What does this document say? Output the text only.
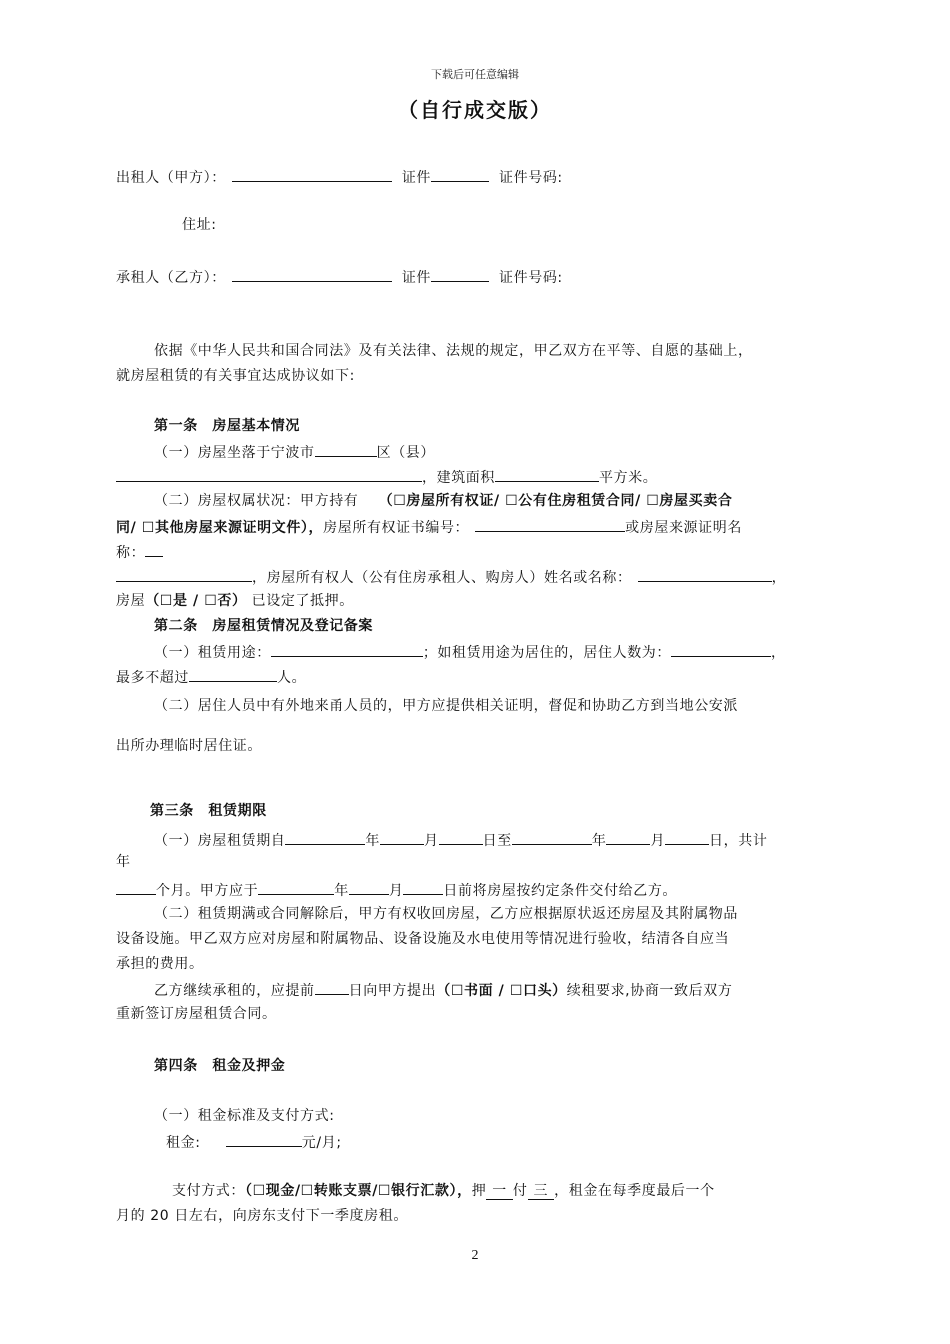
下载后可任意编辑
（自行成交版）
出租人（甲方）：	证件	证件号码:
住址:
承租人（乙方）：	证件	证件号码:
依据《中华人民共和国合同法》及有关法律、法规的规定，甲乙双方在平等、自愿的基础上，
就房屋租赁的有关事宜达成协议如下:
第一条　房屋基本情况
（一）房屋坐落于宁波市	区（县）
，建筑面积	平方米。
（二）房屋权属状况：甲方持有 （☐房屋所有权证/ ☐公有住房租赁合同/ ☐房屋买卖合
同/ ☐其他房屋来源证明文件），房屋所有权证书编号：	或房屋来源证明名
称：
，房屋所有权人（公有住房承租人、购房人）姓名或名称：	，
房屋（☐是 / ☐否） 已设定了抵押。
第二条　房屋租赁情况及登记备案
（一）租赁用途：	；如租赁用途为居住的，居住人数为：	，
最多不超过	人。
（二）居住人员中有外地来甬人员的，甲方应提供相关证明，督促和协助乙方到当地公安派
出所办理临时居住证。
第三条　租赁期限
（一）房屋租赁期自	年	月	日至	年	月	日，共计
年
个月。甲方应于	年	月	日前将房屋按约定条件交付给乙方。
（二）租赁期满或合同解除后，甲方有权收回房屋，乙方应根据原状返还房屋及其附属物品
设备设施。甲乙双方应对房屋和附属物品、设备设施及水电使用等情况进行验收，结清各自应当
承担的费用。
乙方继续承租的，应提前 日向甲方提出（☐书面 / ☐口头）续租要求,协商一致后双方
重新签订房屋租赁合同。
第四条　租金及押金
（一）租金标准及支付方式:
租金:	元/月;
支付方式：（☐现金/☐转账支票/☐银行汇款），押 一 付 三 ，租金在每季度最后一个
月的 20 日左右，向房东支付下一季度房租。
2
